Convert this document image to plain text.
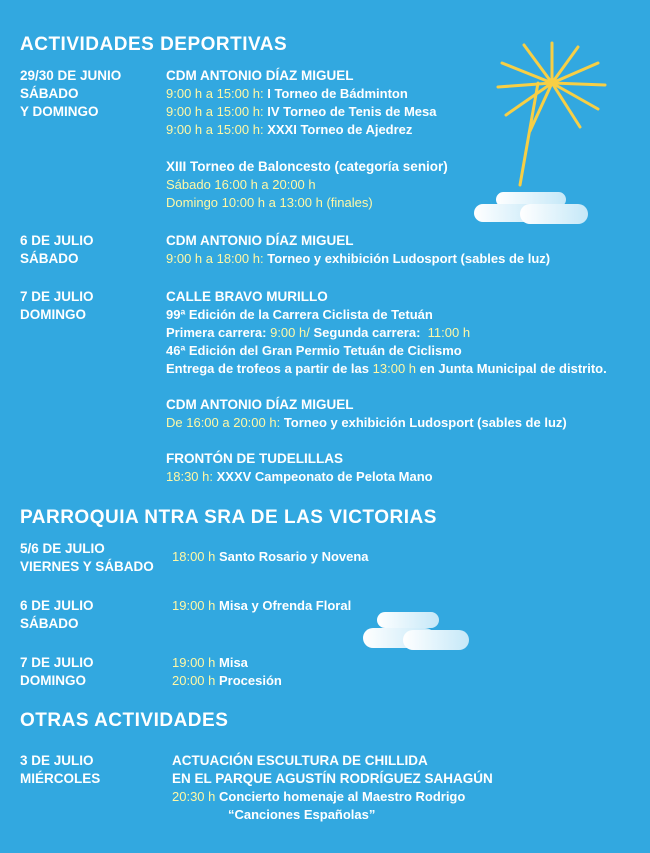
ACTIVIDADES DEPORTIVAS
29/30 DE JUNIO
SÁBADO
Y DOMINGO
CDM ANTONIO DÍAZ MIGUEL
9:00 h a 15:00 h: I Torneo de Bádminton
9:00 h a 15:00 h: IV Torneo de Tenis de Mesa
9:00 h a 15:00 h: XXXI Torneo de Ajedrez
XIII Torneo de Baloncesto (categoría senior)
Sábado 16:00 h a 20:00 h
Domingo 10:00 h a 13:00 h (finales)
6 DE JULIO
SÁBADO
CDM ANTONIO DÍAZ MIGUEL
9:00 h a 18:00 h: Torneo y exhibición Ludosport (sables de luz)
7 DE JULIO
DOMINGO
CALLE BRAVO MURILLO
99ª Edición de la Carrera Ciclista de Tetuán
Primera carrera: 9:00 h/ Segunda carrera: 11:00 h
46ª Edición del Gran Permio Tetuán de Ciclismo
Entrega de trofeos a partir de las 13:00 h en Junta Municipal de distrito.
CDM ANTONIO DÍAZ MIGUEL
De 16:00 a 20:00 h: Torneo y exhibición Ludosport (sables de luz)
FRONTÓN DE TUDELILLAS
18:30 h: XXXV Campeonato de Pelota Mano
PARROQUIA NTRA SRA DE LAS VICTORIAS
5/6 DE JULIO
VIERNES Y SÁBADO
18:00 h Santo Rosario y Novena
6 DE JULIO
SÁBADO
19:00 h Misa y Ofrenda Floral
7 DE JULIO
DOMINGO
19:00 h Misa
20:00 h Procesión
OTRAS ACTIVIDADES
3 DE JULIO
MIÉRCOLES
ACTUACIÓN ESCULTURA DE CHILLIDA
EN EL PARQUE AGUSTÍN RODRÍGUEZ SAHAGÚN
20:30 h Concierto homenaje al Maestro Rodrigo
“Canciones Españolas”
